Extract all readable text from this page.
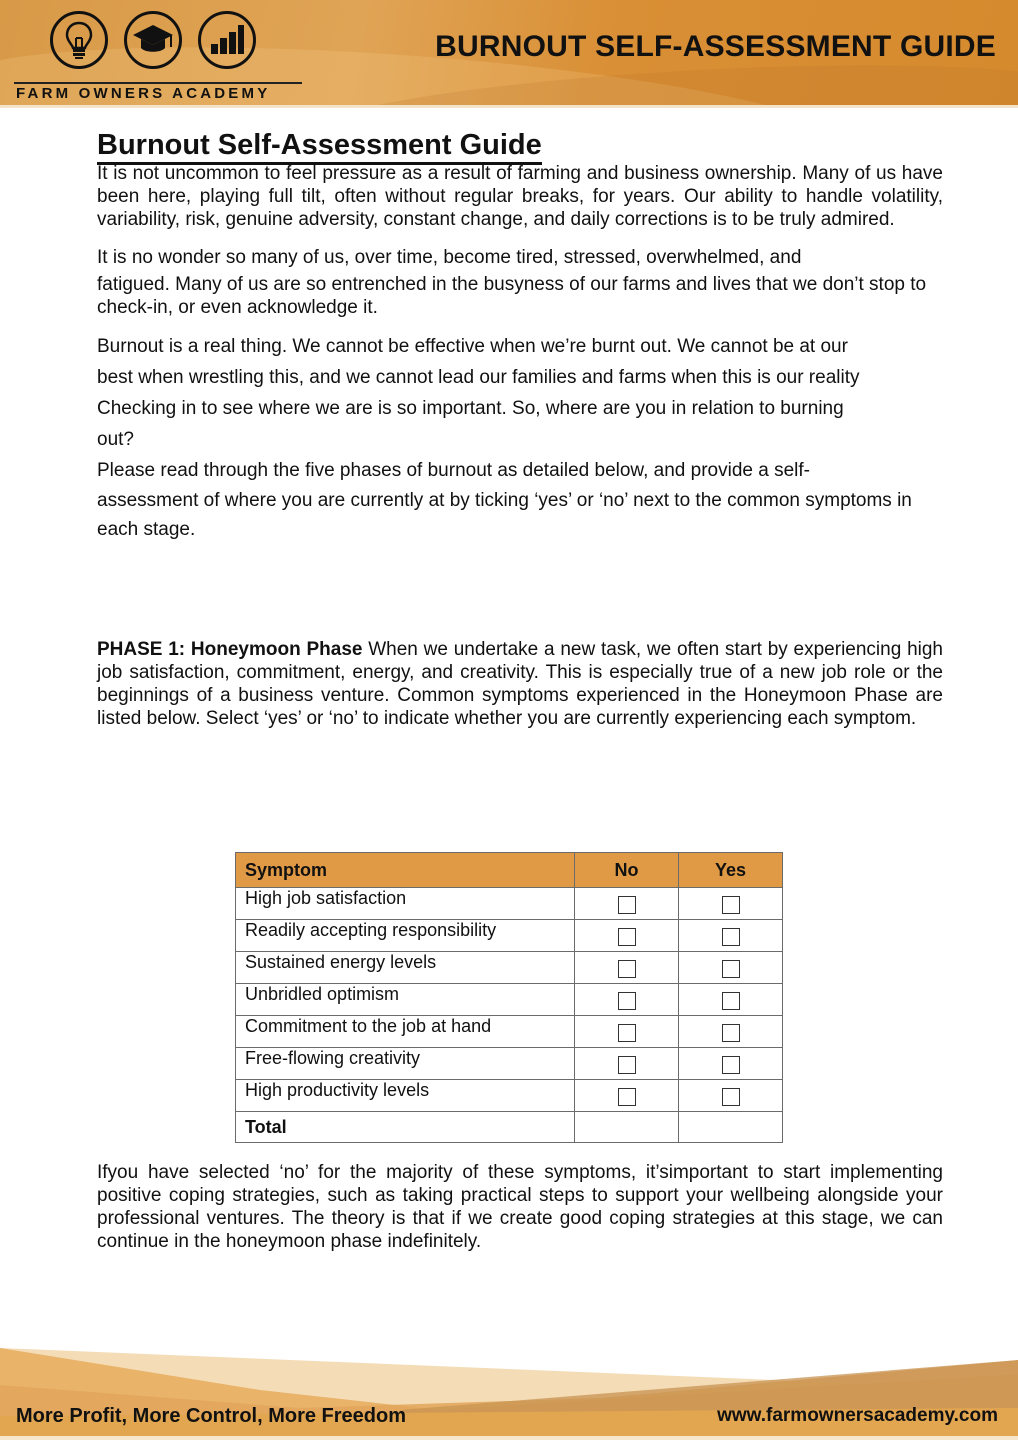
FARM OWNERS ACADEMY
BURNOUT SELF-ASSESSMENT GUIDE
Burnout Self-Assessment Guide

It is not uncommon to feel pressure as a result of farming and business ownership. Many of us have been here, playing full tilt, often without regular breaks, for years. Our ability to handle volatility, variability, risk, genuine adversity, constant change, and daily corrections is to be truly admired.

It is no wonder so many of us, over time, become tired, stressed, overwhelmed, and

fatigued. Many of us are so entrenched in the busyness of our farms and lives that we don’t stop to check-in, or even acknowledge it.

Burnout is a real thing. We cannot be effective when we’re burnt out. We cannot be at our

best when wrestling this, and we cannot lead our families and farms when this is our reality

Checking in to see where we are is so important. So, where are you in relation to burning

out?

Please read through the five phases of burnout as detailed below, and provide a self-

assessment of where you are currently at by ticking ‘yes’ or ‘no’ next to the common symptoms in each stage.

PHASE 1: Honeymoon Phase When we undertake a new task, we often start by experiencing high job satisfaction, commitment, energy, and creativity. This is especially true of a new job role or the beginnings of a business venture. Common symptoms experienced in the Honeymoon Phase are listed below. Select ‘yes’ or ‘no’ to indicate whether you are currently experiencing each symptom.

Symptom	No	Yes
High job satisfaction		
Readily accepting responsibility		
Sustained energy levels		
Unbridled optimism		
Commitment to the job at hand		
Free-flowing creativity		
High productivity levels		
Total		

Ifyou have selected ‘no’ for the majority of these symptoms, it’simportant to start implementing positive coping strategies, such as taking practical steps to support your wellbeing alongside your professional ventures. The theory is that if we create good coping strategies at this stage, we can continue in the honeymoon phase indefinitely.

More Profit, More Control, More Freedom	www.farmownersacademy.com
